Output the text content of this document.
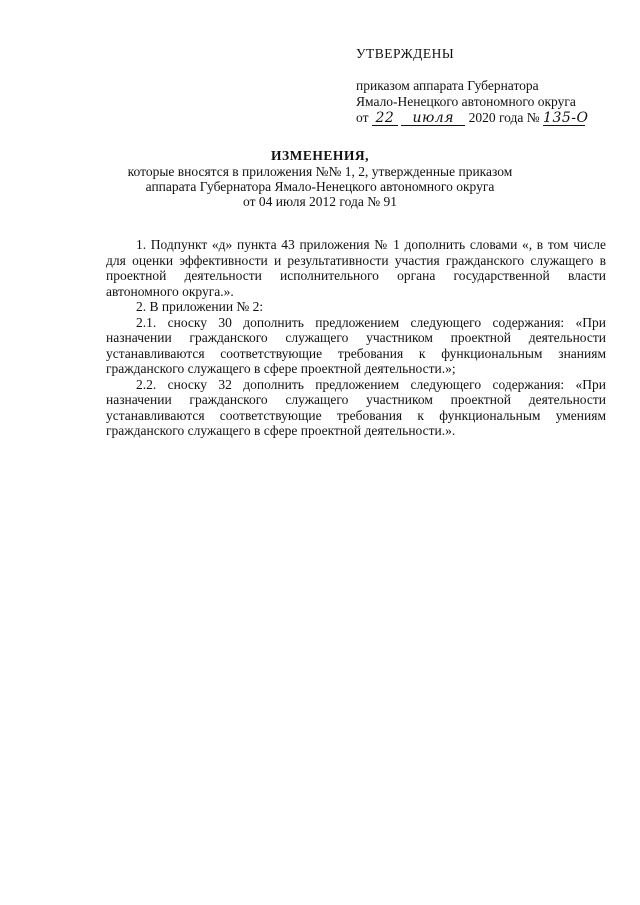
УТВЕРЖДЕНЫ
приказом аппарата Губернатора
Ямало-Ненецкого автономного округа
от 22 июля 2020 года № 135-О
ИЗМЕНЕНИЯ,
которые вносятся в приложения №№ 1, 2, утвержденные приказом
аппарата Губернатора Ямало-Ненецкого автономного округа
от 04 июля 2012 года № 91

1. Подпункт «д» пункта 43 приложения № 1 дополнить словами «, в том числе для оценки эффективности и результативности участия гражданского служащего в проектной деятельности исполнительного органа государственной власти автономного округа.».

2. В приложении № 2:

2.1. сноску 30 дополнить предложением следующего содержания: «При назначении гражданского служащего участником проектной деятельности устанавливаются соответствующие требования к функциональным знаниям гражданского служащего в сфере проектной деятельности.»;

2.2. сноску 32 дополнить предложением следующего содержания: «При назначении гражданского служащего участником проектной деятельности устанавливаются соответствующие требования к функциональным умениям гражданского служащего в сфере проектной деятельности.».
